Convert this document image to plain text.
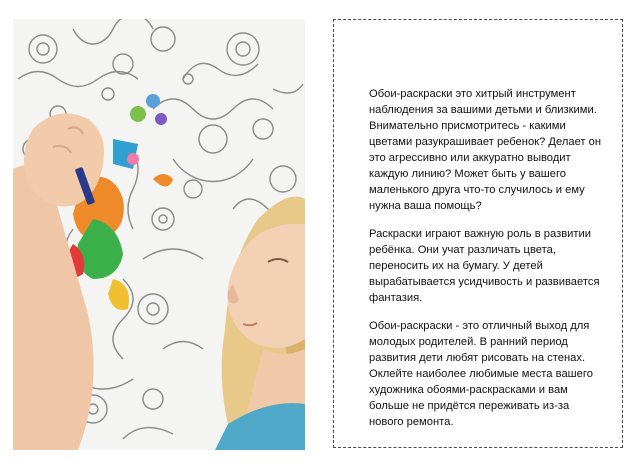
Обои-раскраски это хитрый инструмент наблюдения за вашими детьми и близкими. Внимательно присмотритесь - какими цветами разукрашивает ребенок? Делает он это агрессивно или аккуратно выводит каждую линию? Может быть у вашего маленького друга что-то случилось и ему нужна ваша помощь?

Раскраски играют важную роль в развитии ребёнка. Они учат различать цвета, переносить их на бумагу. У детей вырабатывается усидчивость и развивается фантазия.

Обои-раскраски - это отличный выход для молодых родителей. В ранний период развития дети любят рисовать на стенах. Оклейте наиболее любимые места вашего художника обоями-раскрасками и вам больше не придётся переживать из-за нового ремонта.
